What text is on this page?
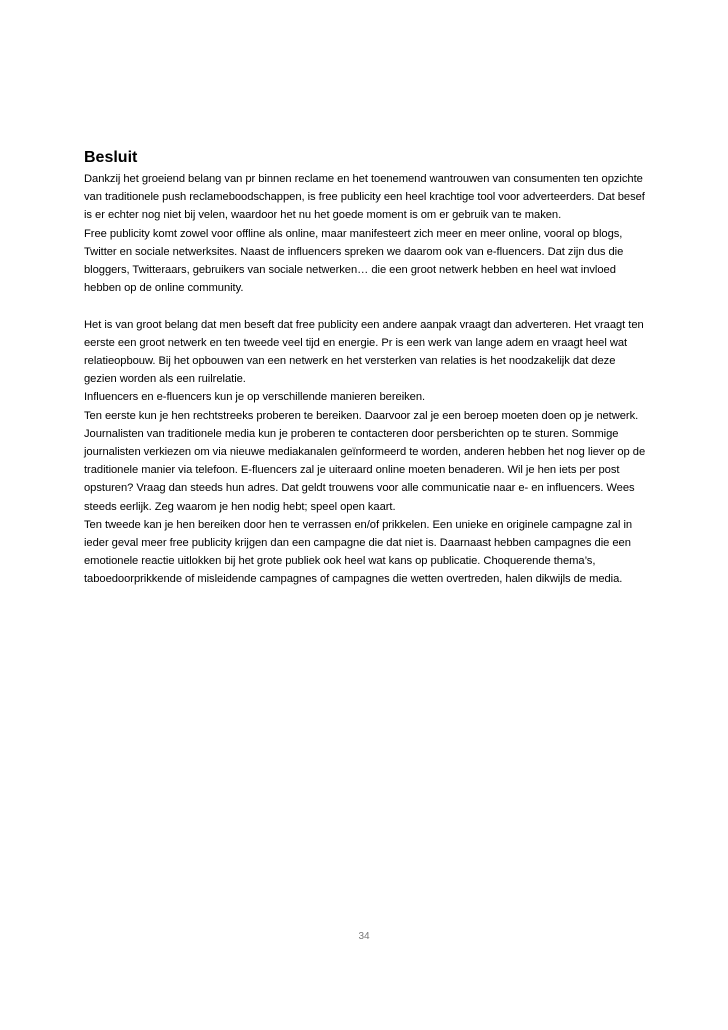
Besluit

Dankzij het groeiend belang van pr binnen reclame en het toenemend wantrouwen van consumenten ten opzichte van traditionele push reclameboodschappen, is free publicity een heel krachtige tool voor adverteerders. Dat besef is er echter nog niet bij velen, waardoor het nu het goede moment is om er gebruik van te maken.

Free publicity komt zowel voor offline als online, maar manifesteert zich meer en meer online, vooral op blogs, Twitter en sociale netwerksites. Naast de influencers spreken we daarom ook van e-fluencers. Dat zijn dus die bloggers, Twitteraars, gebruikers van sociale netwerken… die een groot netwerk hebben en heel wat invloed hebben op de online community.

Het is van groot belang dat men beseft dat free publicity een andere aanpak vraagt dan adverteren. Het vraagt ten eerste een groot netwerk en ten tweede veel tijd en energie. Pr is een werk van lange adem en vraagt heel wat relatieopbouw. Bij het opbouwen van een netwerk en het versterken van relaties is het noodzakelijk dat deze gezien worden als een ruilrelatie.

Influencers en e-fluencers kun je op verschillende manieren bereiken.

Ten eerste kun je hen rechtstreeks proberen te bereiken. Daarvoor zal je een beroep moeten doen op je netwerk. Journalisten van traditionele media kun je proberen te contacteren door persberichten op te sturen. Sommige journalisten verkiezen om via nieuwe mediakanalen geïnformeerd te worden, anderen hebben het nog liever op de traditionele manier via telefoon. E-fluencers zal je uiteraard online moeten benaderen. Wil je hen iets per post opsturen? Vraag dan steeds hun adres. Dat geldt trouwens voor alle communicatie naar e- en influencers. Wees steeds eerlijk. Zeg waarom je hen nodig hebt; speel open kaart.

Ten tweede kan je hen bereiken door hen te verrassen en/of prikkelen. Een unieke en originele campagne zal in ieder geval meer free publicity krijgen dan een campagne die dat niet is. Daarnaast hebben campagnes die een emotionele reactie uitlokken bij het grote publiek ook heel wat kans op publicatie. Choquerende thema’s, taboedoorprikkende of misleidende campagnes of campagnes die wetten overtreden, halen dikwijls de media.

34
